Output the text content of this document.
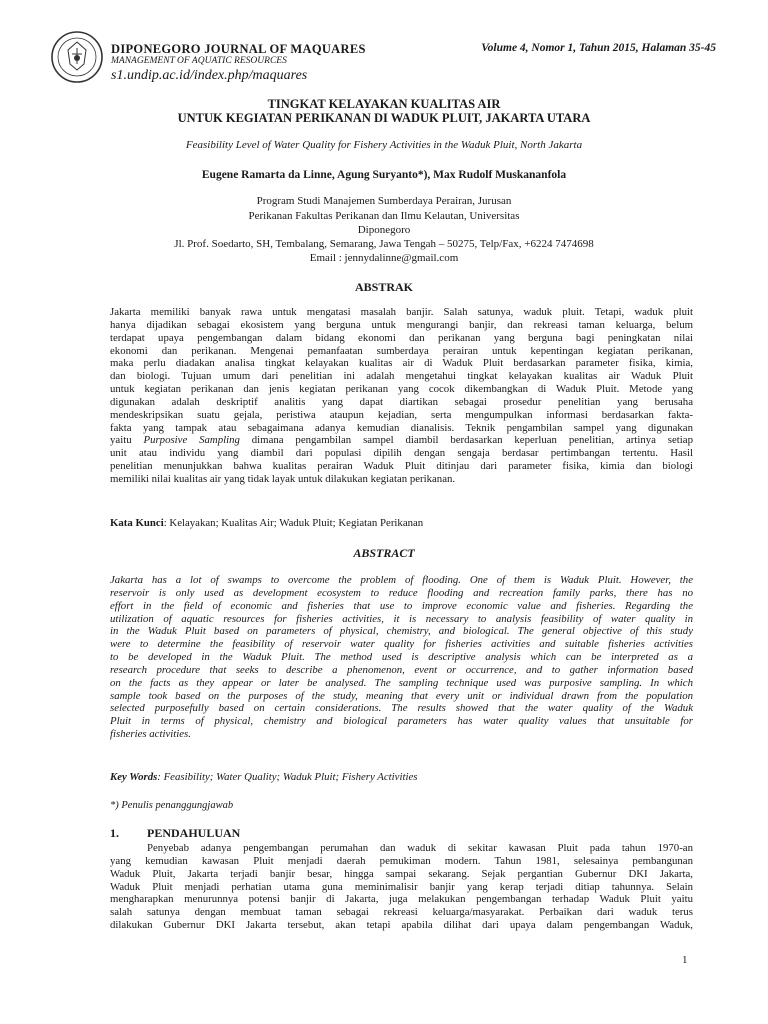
DIPONEGORO JOURNAL OF MAQUARES
MANAGEMENT OF AQUATIC RESOURCES
s1.undip.ac.id/index.php/maquares
Volume 4, Nomor 1, Tahun 2015, Halaman 35-45
TINGKAT KELAYAKAN KUALITAS AIR
UNTUK KEGIATAN PERIKANAN DI WADUK PLUIT, JAKARTA UTARA
Feasibility Level of Water Quality for Fishery Activities in the Waduk Pluit, North Jakarta
Eugene Ramarta da Linne, Agung Suryanto*), Max Rudolf Muskananfola
Program Studi Manajemen Sumberdaya Perairan, Jurusan
Perikanan Fakultas Perikanan dan Ilmu Kelautan, Universitas
Diponegoro
Jl. Prof. Soedarto, SH, Tembalang, Semarang, Jawa Tengah – 50275, Telp/Fax, +6224 7474698
Email : jennydalinne@gmail.com
ABSTRAK
Jakarta memiliki banyak rawa untuk mengatasi masalah banjir. Salah satunya, waduk pluit. Tetapi, waduk pluit
hanya dijadikan sebagai ekosistem yang berguna untuk mengurangi banjir, dan rekreasi taman keluarga, belum
terdapat upaya pengembangan dalam bidang ekonomi dan perikanan yang berguna bagi peningkatan nilai
ekonomi dan perikanan. Mengenai pemanfaatan sumberdaya perairan untuk kepentingan kegiatan perikanan,
maka perlu diadakan analisa tingkat kelayakan kualitas air di Waduk Pluit berdasarkan parameter fisika, kimia,
dan biologi. Tujuan umum dari penelitian ini adalah mengetahui tingkat kelayakan kualitas air Waduk Pluit
untuk kegiatan perikanan dan jenis kegiatan perikanan yang cocok dikembangkan di Waduk Pluit. Metode yang
digunakan adalah deskriptif analitis yang dapat diartikan sebagai prosedur penelitian yang berusaha
mendeskripsikan suatu gejala, peristiwa ataupun kejadian, serta mengumpulkan informasi berdasarkan fakta-
fakta yang tampak atau sebagaimana adanya kemudian dianalisis. Teknik pengambilan sampel yang digunakan
yaitu Purposive Sampling dimana pengambilan sampel diambil berdasarkan keperluan penelitian, artinya setiap
unit atau individu yang diambil dari populasi dipilih dengan sengaja berdasar pertimbangan tertentu. Hasil
penelitian menunjukkan bahwa kualitas perairan Waduk Pluit ditinjau dari parameter fisika, kimia dan biologi
memiliki nilai kualitas air yang tidak layak untuk dilakukan kegiatan perikanan.
Kata Kunci: Kelayakan; Kualitas Air; Waduk Pluit; Kegiatan Perikanan
ABSTRACT
Jakarta has a lot of swamps to overcome the problem of flooding. One of them is Waduk Pluit. However, the
reservoir is only used as development ecosystem to reduce flooding and recreation family parks, there has no
effort in the field of economic and fisheries that use to improve economic value and fisheries. Regarding the
utilization of aquatic resources for fisheries activities, it is necessary to analysis feasibility of water quality in
in the Waduk Pluit based on parameters of physical, chemistry, and biological. The general objective of this study
were to determine the feasibility of reservoir water quality for fisheries activities and suitable fisheries activities
to be developed in the Waduk Pluit. The method used is descriptive analysis which can be interpreted as a
research procedure that seeks to describe a phenomenon, event or occurrence, and to gather information based
on the facts as they appear or later be analysed. The sampling technique used was purposive sampling. In which
sample took based on the purposes of the study, meaning that every unit or individual drawn from the population
selected purposefully based on certain considerations. The results showed that the water quality of the Waduk
Pluit in terms of physical, chemistry and biological parameters has water quality values that unsuitable for
fisheries activities.
Key Words: Feasibility; Water Quality; Waduk Pluit; Fishery Activities
*) Penulis penanggungjawab
1. PENDAHULUAN
Penyebab adanya pengembangan perumahan dan waduk di sekitar kawasan Pluit pada tahun 1970-an
yang kemudian kawasan Pluit menjadi daerah pemukiman modern. Tahun 1981, selesainya pembangunan
Waduk Pluit, Jakarta terjadi banjir besar, hingga sampai sekarang. Sejak pergantian Gubernur DKI Jakarta,
Waduk Pluit menjadi perhatian utama guna meminimalisir banjir yang kerap terjadi ditiap tahunnya. Selain
mengharapkan menurunnya potensi banjir di Jakarta, juga melakukan pengembangan terhadap Waduk Pluit yaitu
salah satunya dengan membuat taman sebagai rekreasi keluarga/masyarakat. Perbaikan dari waduk terus
dilakukan Gubernur DKI Jakarta tersebut, akan tetapi apabila dilihat dari upaya dalam pengembangan Waduk,
1
